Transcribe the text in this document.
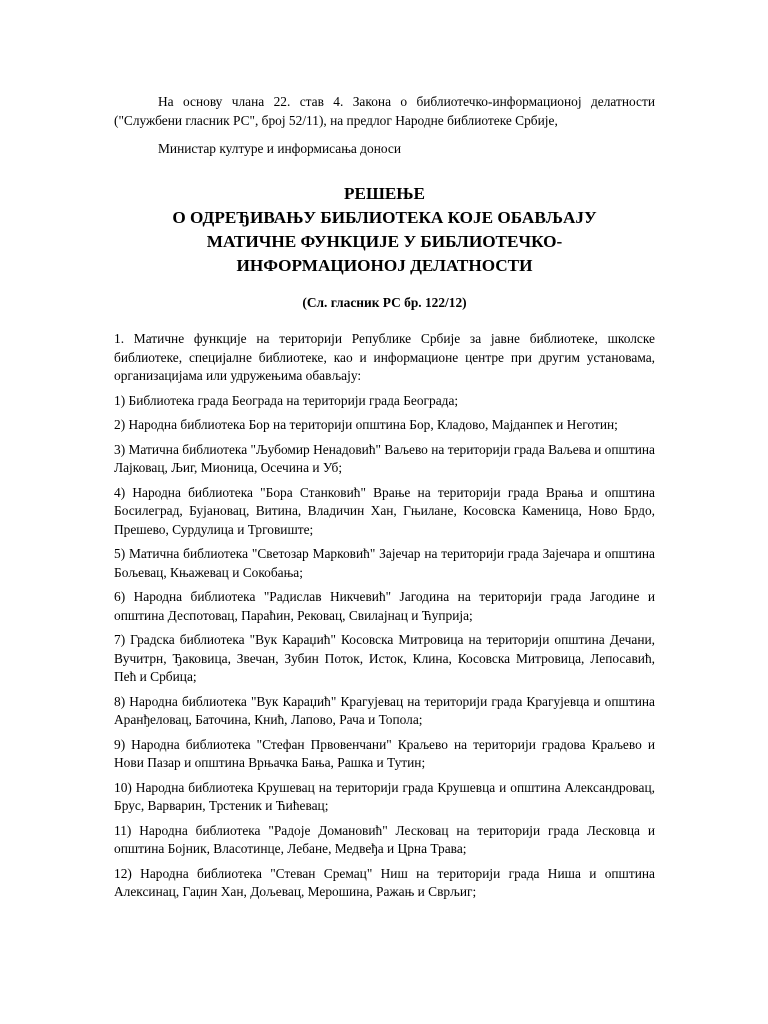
На основу члана 22. став 4. Закона о библиотечко-информационој делатности ("Службени гласник РС", број 52/11), на предлог Народне библиотеке Србије,

Министар културе и информисања доноси

РЕШЕЊЕ

О ОДРЕЂИВАЊУ БИБЛИОТЕКА КОЈЕ ОБАВЉАЈУ

МАТИЧНЕ ФУНКЦИЈЕ У БИБЛИОТЕЧКО-

ИНФОРМАЦИОНОЈ ДЕЛАТНОСТИ

(Сл. гласник РС бр. 122/12)

1. Матичне функције на територији Републике Србије за јавне библиотеке, школске библиотеке, специјалне библиотеке, као и информационе центре при другим установама, организацијама или удружењима обављају:

1) Библиотека града Београда на територији града Београда;

2) Народна библиотека Бор на територији општина Бор, Кладово, Мајданпек и Неготин;

3) Матична библиотека "Љубомир Ненадовић" Ваљево на територији града Ваљева и општина Лајковац, Љиг, Мионица, Осечина и Уб;

4) Народна библиотека "Бора Станковић" Врање на територији града Врања и општина Босилеград, Бујановац, Витина, Владичин Хан, Гњилане, Косовска Каменица, Ново Брдо, Прешево, Сурдулица и Трговиште;

5) Матична библиотека "Светозар Марковић" Зајечар на територији града Зајечара и општина Бољевац, Књажевац и Сокобања;

6) Народна библиотека "Радислав Никчевић" Јагодина на територији града Јагодине и општина Деспотовац, Параћин, Рековац, Свилајнац и Ћуприја;

7) Градска библиотека "Вук Караџић" Косовска Митровица на територији општина Дечани, Вучитрн, Ђаковица, Звечан, Зубин Поток, Исток, Клина, Косовска Митровица, Лепосавић, Пећ и Србица;

8) Народна библиотека "Вук Караџић" Крагујевац на територији града Крагујевца и општина Аранђеловац, Баточина, Кнић, Лапово, Рача и Топола;

9) Народна библиотека "Стефан Првовенчани" Краљево на територији градова Краљево и Нови Пазар и општина Врњачка Бања, Рашка и Тутин;

10) Народна библиотека Крушевац на територији града Крушевца и општина Александровац, Брус, Варварин, Трстеник и Ћићевац;

11) Народна библиотека "Радоје Домановић" Лесковац на територији града Лесковца и општина Бојник, Власотинце, Лебане, Медвеђа и Црна Трава;

12) Народна библиотека "Стеван Сремац" Ниш на територији града Ниша и општина Алексинац, Гаџин Хан, Дољевац, Мерошина, Ражањ и Сврљиг;
